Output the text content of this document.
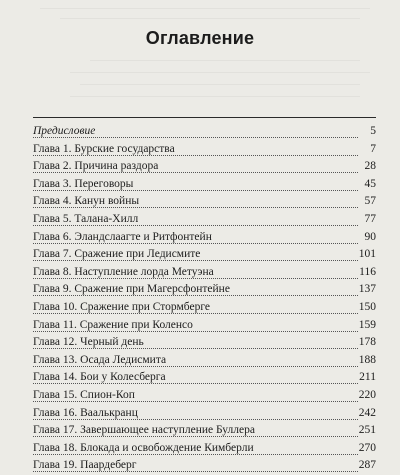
Оглавление
Предисловие	5
Глава 1. Бурские государства	7
Глава 2. Причина раздора	28
Глава 3. Переговоры	45
Глава 4. Канун войны	57
Глава 5. Талана-Хилл	77
Глава 6. Эландслаагте и Ритфонтейн	90
Глава 7. Сражение при Ледисмите	101
Глава 8. Наступление лорда Метуэна	116
Глава 9. Сражение при Магерсфонтейне	137
Глава 10. Сражение при Стормберге	150
Глава 11. Сражение при Коленсо	159
Глава 12. Черный день	178
Глава 13. Осада Ледисмита	188
Глава 14. Бои у Колесберга	211
Глава 15. Спион-Коп	220
Глава 16. Ваалькранц	242
Глава 17. Завершающее наступление Буллера	251
Глава 18. Блокада и освобождение Кимберли	270
Глава 19. Паардеберг	287
